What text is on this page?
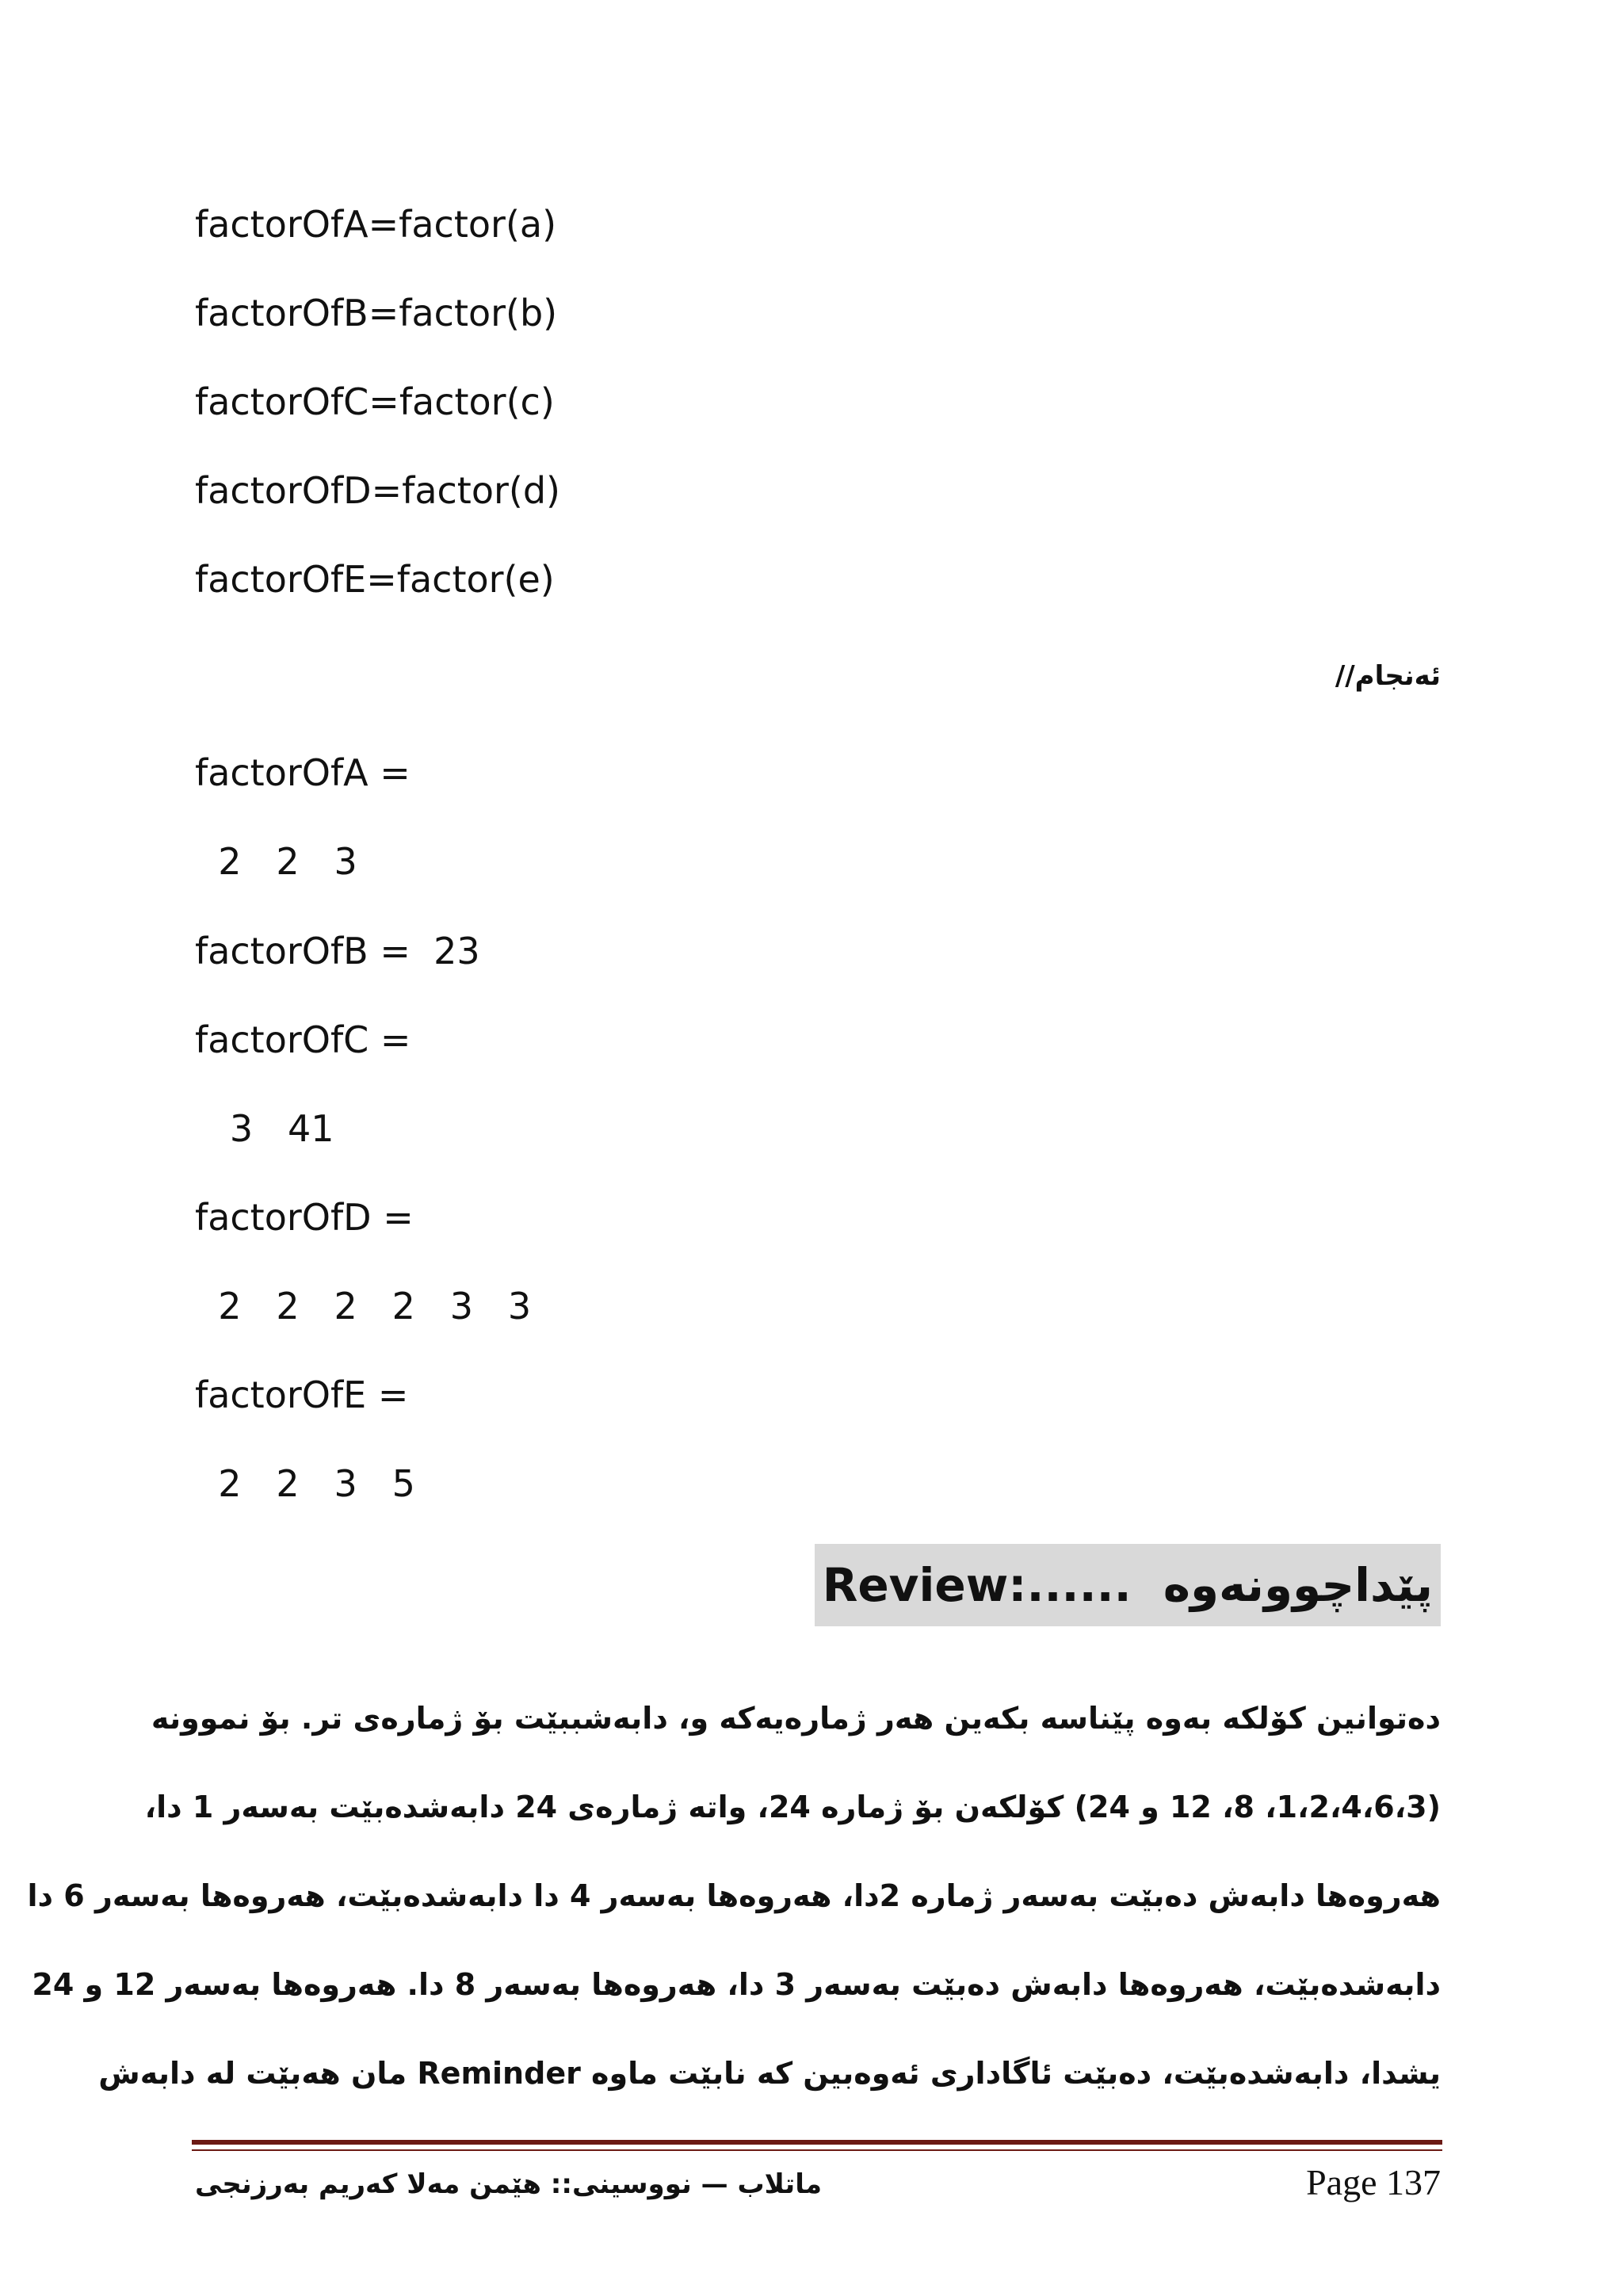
factorOfA=factor(a)
factorOfB=factor(b)
factorOfC=factor(c)
factorOfD=factor(d)
factorOfE=factor(e)
ئەنجام//
factorOfA =
2   2   3
factorOfB =  23
factorOfC =
3   41
factorOfD =
2   2   2   2   3   3
factorOfE =
2   2   3   5
پێداچوونەوە
Review:......
دەتوانین کۆلکە بەوە پێناسە بکەین هەر ژمارەیەکە و، دابەشببێت بۆ ژمارەی تر. بۆ نموونە
(1،2،4،6،3، 8، 12 و 24) کۆلکەن بۆ ژمارە 24، واتە ژمارەی 24 دابەشدەبێت بەسەر 1 دا،
هەروەها دابەش دەبێت بەسەر ژمارە 2دا، هەروەها بەسەر 4 دا دابەشدەبێت، هەروەها بەسەر 6 دا
دابەشدەبێت، هەروەها دابەش دەبێت بەسەر 3 دا، هەروەها بەسەر 8 دا. هەروەها بەسەر 12 و 24
یشدا، دابەشدەبێت، دەبێت ئاگاداری ئەوەبین کە نابێت ماوە Reminder مان هەبێت لە دابەش
ماتلاب — نووسینی:: هێمن مەلا کەریم بەرزنجی	Page 137
